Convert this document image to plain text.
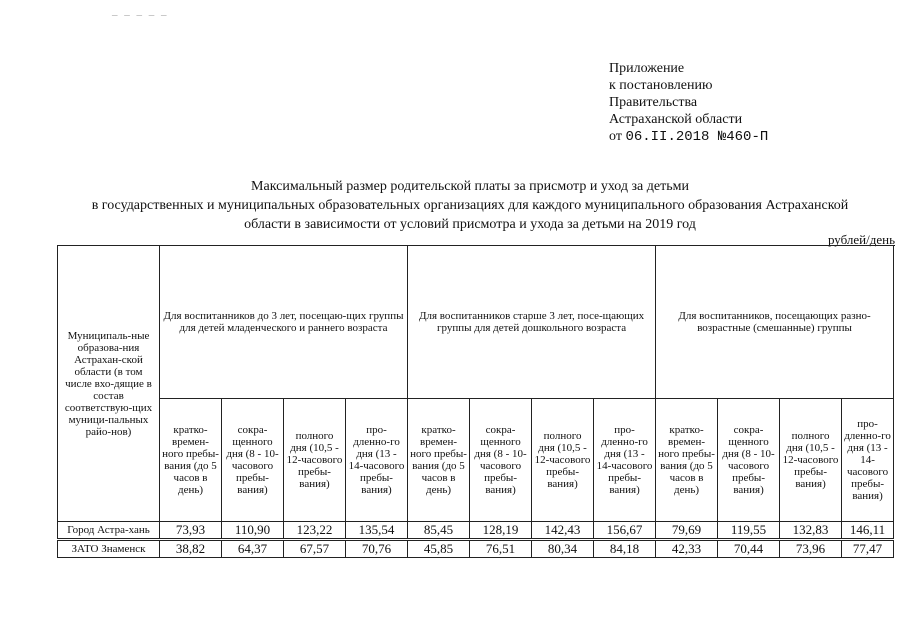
_ _ _ _ _
Приложение
к постановлению
Правительства
Астраханской области
от 06.II.2018 №460-П
Максимальный размер родительской платы за присмотр и уход за детьми
в государственных и муниципальных образовательных организациях для каждого муниципального образования Астраханской
области в зависимости от условий присмотра и ухода за детьми на 2019 год
рублей/день
Муниципаль-ные образова-ния Астрахан-ской области (в том числе вхо-дящие в состав соответствую-щих муници-пальных райо-нов)	Для воспитанников до 3 лет, посещаю-щих группы для детей младенческого и раннего возраста				Для воспитанников старше 3 лет, посе-щающих группы для детей дошкольного возраста				Для воспитанников, посещающих разно-возрастные (смешанные) группы			
	кратко-времен-ного пребы-вания (до 5 часов в день)	сокра-щенного дня (8 - 10-часового пребы-вания)	полного дня (10,5 - 12-часового пребы-вания)	про-дленно-го дня (13 - 14-часового пребы-вания)	кратко-времен-ного пребы-вания (до 5 часов в день)	сокра-щенного дня (8 - 10-часового пребы-вания)	полного дня (10,5 - 12-часового пребы-вания)	про-дленно-го дня (13 - 14-часового пребы-вания)	кратко-времен-ного пребы-вания (до 5 часов в день)	сокра-щенного дня (8 - 10-часового пребы-вания)	полного дня (10,5 - 12-часового пребы-вания)	про-дленно-го дня (13 - 14-часового пребы-вания)
Город Астра-хань	73,93	110,90	123,22	135,54	85,45	128,19	142,43	156,67	79,69	119,55	132,83	146,11
ЗАТО Знаменск	38,82	64,37	67,57	70,76	45,85	76,51	80,34	84,18	42,33	70,44	73,96	77,47
